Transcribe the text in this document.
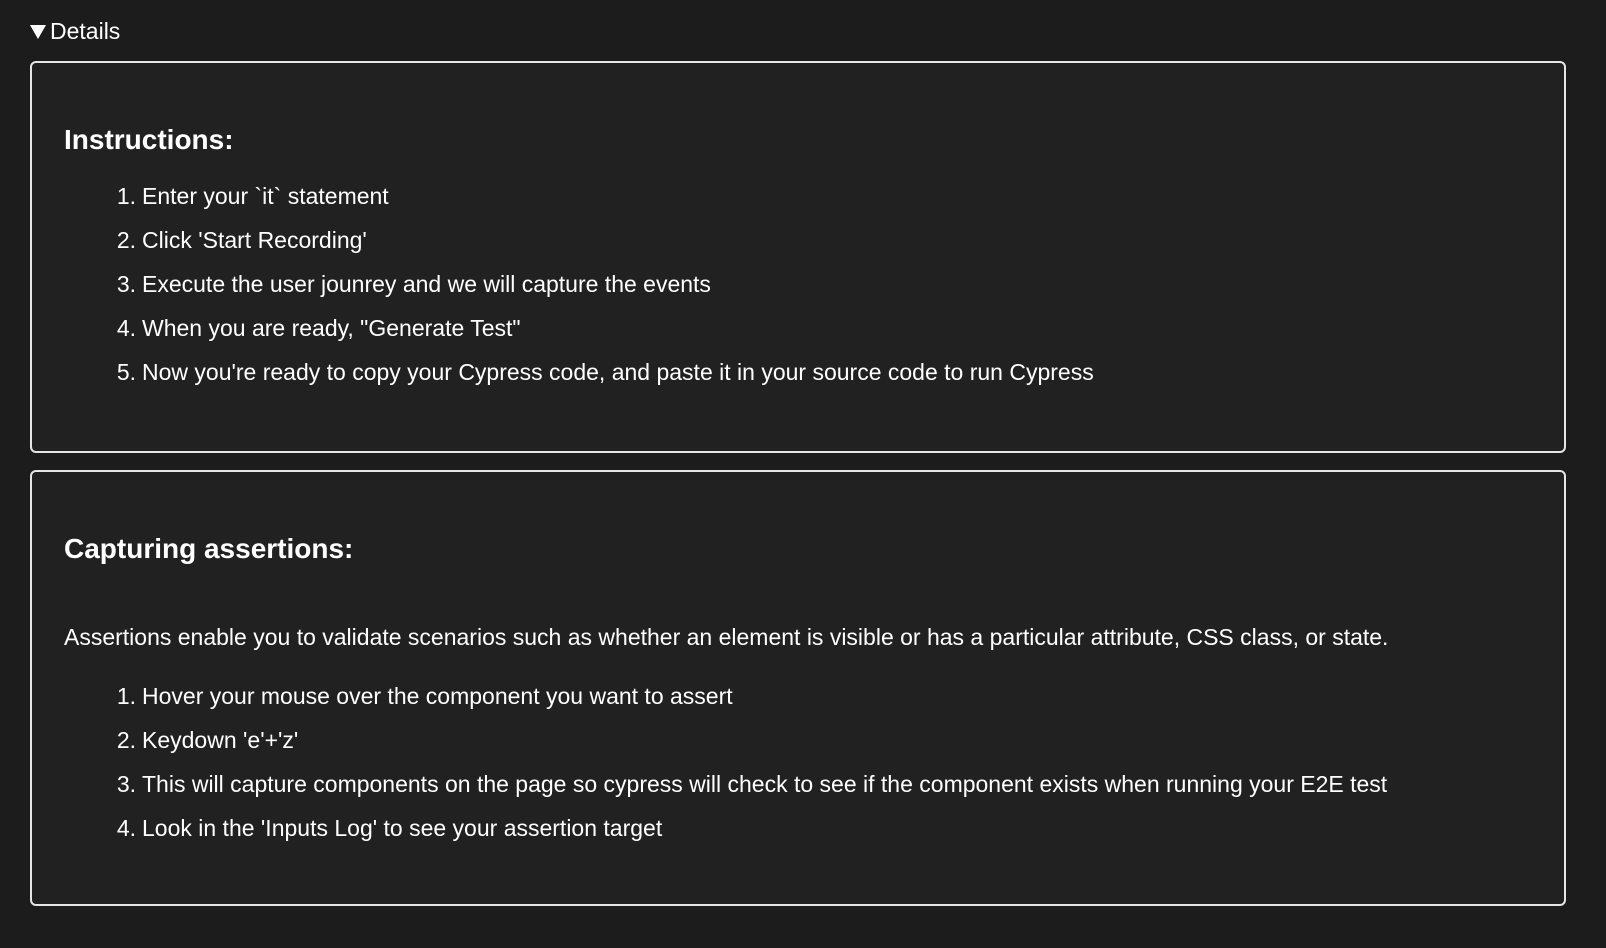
Details
Instructions:
1. Enter your `it` statement
2. Click 'Start Recording'
3. Execute the user jounrey and we will capture the events
4. When you are ready, "Generate Test"
5. Now you're ready to copy your Cypress code, and paste it in your source code to run Cypress
Capturing assertions:

Assertions enable you to validate scenarios such as whether an element is visible or has a particular attribute, CSS class, or state.

1. Hover your mouse over the component you want to assert
2. Keydown 'e'+'z'
3. This will capture components on the page so cypress will check to see if the component exists when running your E2E test
4. Look in the 'Inputs Log' to see your assertion target
